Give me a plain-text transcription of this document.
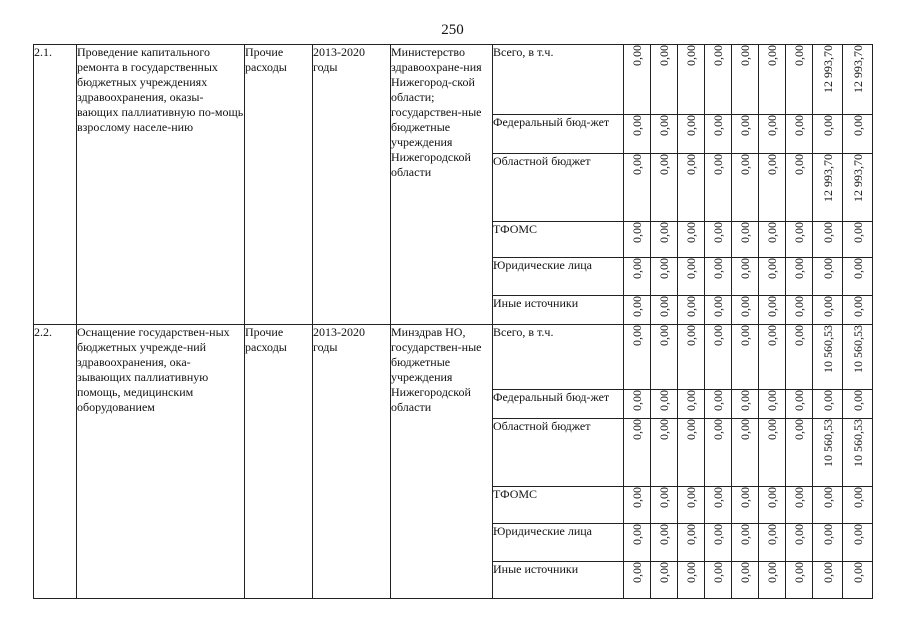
250
2.1.	Проведение капитального ремонта в государственных бюджетных учреждениях здравоохранения, оказы-вающих паллиативную по-мощь взрослому населе-нию	Прочие расходы	2013-2020 годы	Министерство здравоохране-ния Нижегород-ской области; государствен-ные бюджетные учреждения Нижегородской области	Всего, в т.ч.	0,00	0,00	0,00	0,00	0,00	0,00	0,00	12 993,70	12 993,70
					Федеральный бюд-жет	0,00	0,00	0,00	0,00	0,00	0,00	0,00	0,00	0,00
					Областной бюджет	0,00	0,00	0,00	0,00	0,00	0,00	0,00	12 993,70	12 993,70
					ТФОМС	0,00	0,00	0,00	0,00	0,00	0,00	0,00	0,00	0,00
					Юридические лица	0,00	0,00	0,00	0,00	0,00	0,00	0,00	0,00	0,00
					Иные источники	0,00	0,00	0,00	0,00	0,00	0,00	0,00	0,00	0,00
2.2.	Оснащение государствен-ных бюджетных учрежде-ний здравоохранения, ока-зывающих паллиативную помощь, медицинским оборудованием	Прочие расходы	2013-2020 годы	Минздрав НО, государствен-ные бюджетные учреждения Нижегородской области	Всего, в т.ч.	0,00	0,00	0,00	0,00	0,00	0,00	0,00	10 560,53	10 560,53
					Федеральный бюд-жет	0,00	0,00	0,00	0,00	0,00	0,00	0,00	0,00	0,00
					Областной бюджет	0,00	0,00	0,00	0,00	0,00	0,00	0,00	10 560,53	10 560,53
					ТФОМС	0,00	0,00	0,00	0,00	0,00	0,00	0,00	0,00	0,00
					Юридические лица	0,00	0,00	0,00	0,00	0,00	0,00	0,00	0,00	0,00
					Иные источники	0,00	0,00	0,00	0,00	0,00	0,00	0,00	0,00	0,00
